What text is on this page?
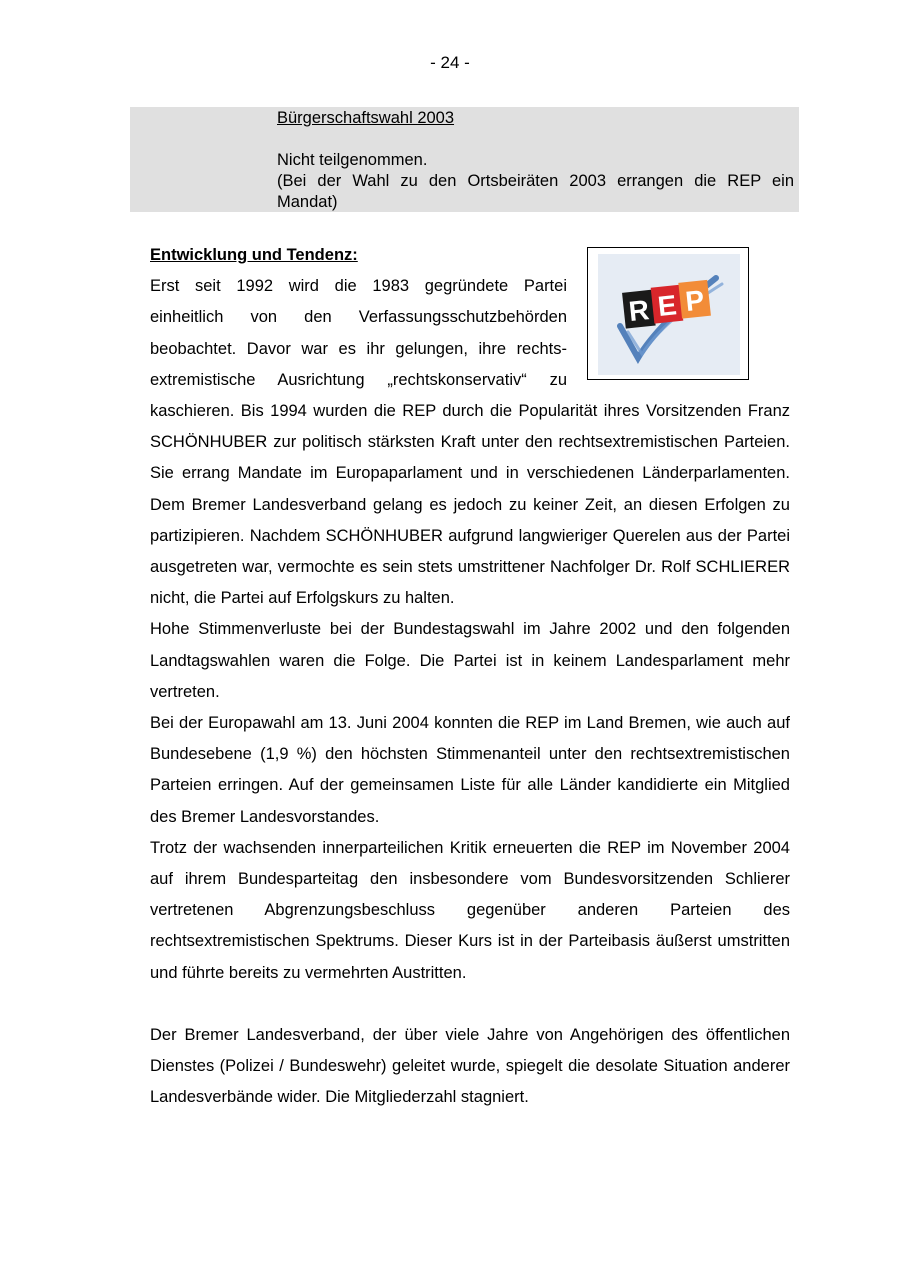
- 24 -
Bürgerschaftswahl 2003
Nicht teilgenommen.
(Bei der Wahl zu den Ortsbeiräten 2003 errangen die REP ein Mandat)
R E P
Entwicklung und Tendenz:

Erst seit 1992 wird die 1983 gegründete Partei einheitlich von den Verfassungsschutzbehörden beobachtet. Davor war es ihr gelungen, ihre rechts-extremistische Ausrichtung „rechtskonservativ“ zu kaschieren. Bis 1994 wurden die REP durch die Popularität ihres Vorsitzenden Franz SCHÖNHUBER zur politisch stärksten Kraft unter den rechtsextremistischen Parteien. Sie errang Mandate im Europaparlament und in verschiedenen Länderparlamenten. Dem Bremer Landesverband gelang es jedoch zu keiner Zeit, an diesen Erfolgen zu partizipieren. Nachdem SCHÖNHUBER aufgrund langwieriger Querelen aus der Partei ausgetreten war, vermochte es sein stets umstrittener Nachfolger Dr. Rolf SCHLIERER nicht, die Partei auf Erfolgskurs zu halten.

Hohe Stimmenverluste bei der Bundestagswahl im Jahre 2002 und den folgenden Landtagswahlen waren die Folge. Die Partei ist in keinem Landesparlament mehr vertreten.

Bei der Europawahl am 13. Juni 2004 konnten die REP im Land Bremen, wie auch auf Bundesebene (1,9 %) den höchsten Stimmenanteil unter den rechtsextremistischen Parteien erringen. Auf der gemeinsamen Liste für alle Länder kandidierte ein Mitglied des Bremer Landesvorstandes.

Trotz der wachsenden innerparteilichen Kritik erneuerten die REP im November 2004 auf ihrem Bundesparteitag den insbesondere vom Bundesvorsitzenden Schlierer vertretenen Abgrenzungsbeschluss gegenüber anderen Parteien des rechtsextremistischen Spektrums. Dieser Kurs ist in der Parteibasis äußerst umstritten und führte bereits zu vermehrten Austritten.

Der Bremer Landesverband, der über viele Jahre von Angehörigen des öffentlichen Dienstes (Polizei / Bundeswehr) geleitet wurde, spiegelt die desolate Situation anderer Landesverbände wider. Die Mitgliederzahl stagniert.
